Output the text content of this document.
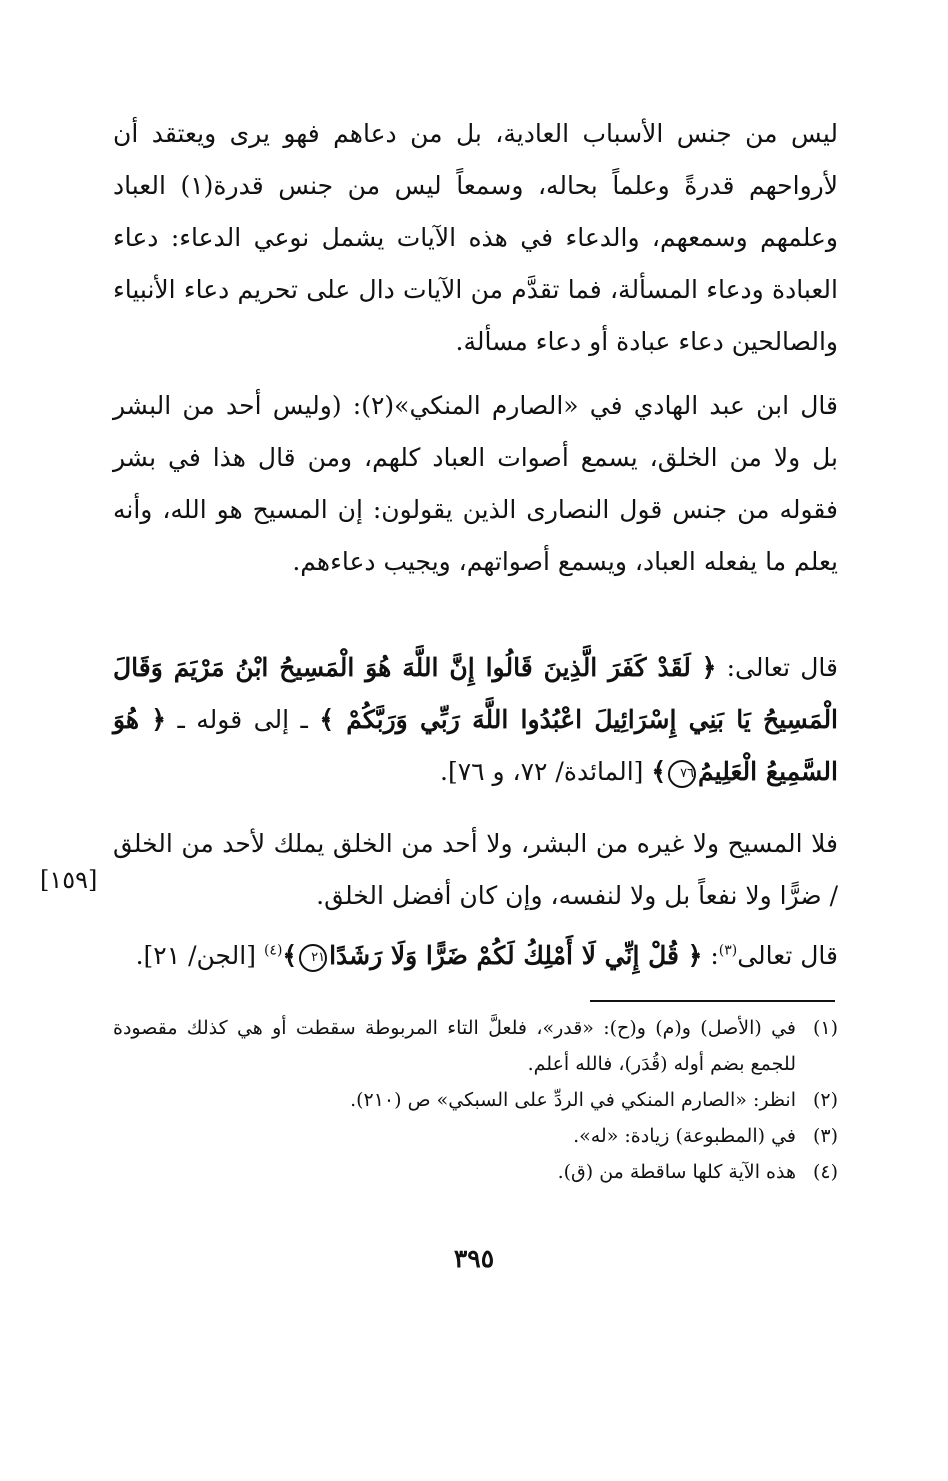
ليس من جنس الأسباب العادية، بل من دعاهم فهو يرى ويعتقد أن لأرواحهم قدرةً وعلماً بحاله، وسمعاً ليس من جنس قدرة(١) العباد وعلمهم وسمعهم، والدعاء في هذه الآيات يشمل نوعي الدعاء: دعاء العبادة ودعاء المسألة، فما تقدَّم من الآيات دال على تحريم دعاء الأنبياء والصالحين دعاء عبادة أو دعاء مسألة.

قال ابن عبد الهادي في «الصارم المنكي»(٢): (وليس أحد من البشر بل ولا من الخلق، يسمع أصوات العباد كلهم، ومن قال هذا في بشر فقوله من جنس قول النصارى الذين يقولون: إن المسيح هو الله، وأنه يعلم ما يفعله العباد، ويسمع أصواتهم، ويجيب دعاءهم.

قال تعالى: ﴿ لَقَدْ كَفَرَ الَّذِينَ قَالُوا إِنَّ اللَّهَ هُوَ الْمَسِيحُ ابْنُ مَرْيَمَ وَقَالَ الْمَسِيحُ يَا بَنِي إِسْرَائِيلَ اعْبُدُوا اللَّهَ رَبِّي وَرَبَّكُمْ ﴾ ـ إلى قوله ـ ﴿ هُوَ السَّمِيعُ الْعَلِيمُ٧٦﴾ [المائدة/ ٧٢، و ٧٦].

فلا المسيح ولا غيره من البشر، ولا أحد من الخلق يملك لأحد من الخلق / ضرًّا ولا نفعاً بل ولا لنفسه، وإن كان أفضل الخلق.

[١٥٩]

قال تعالى$^{(٣)}$: ﴿ قُلْ إِنِّي لَا أَمْلِكُ لَكُمْ ضَرًّا وَلَا رَشَدًا٢١﴾$^{(٤)}$ [الجن/ ٢١].

(١)
في (الأصل) و(م) و(ح): «قدر»، فلعلَّ التاء المربوطة سقطت أو هي كذلك مقصودة للجمع بضم أوله (قُدَر)، فالله أعلم.
(٢)
انظر: «الصارم المنكي في الردِّ على السبكي» ص (٢١٠).
(٣)
في (المطبوعة) زيادة: «له».
(٤)
هذه الآية كلها ساقطة من (ق).
٣٩٥
